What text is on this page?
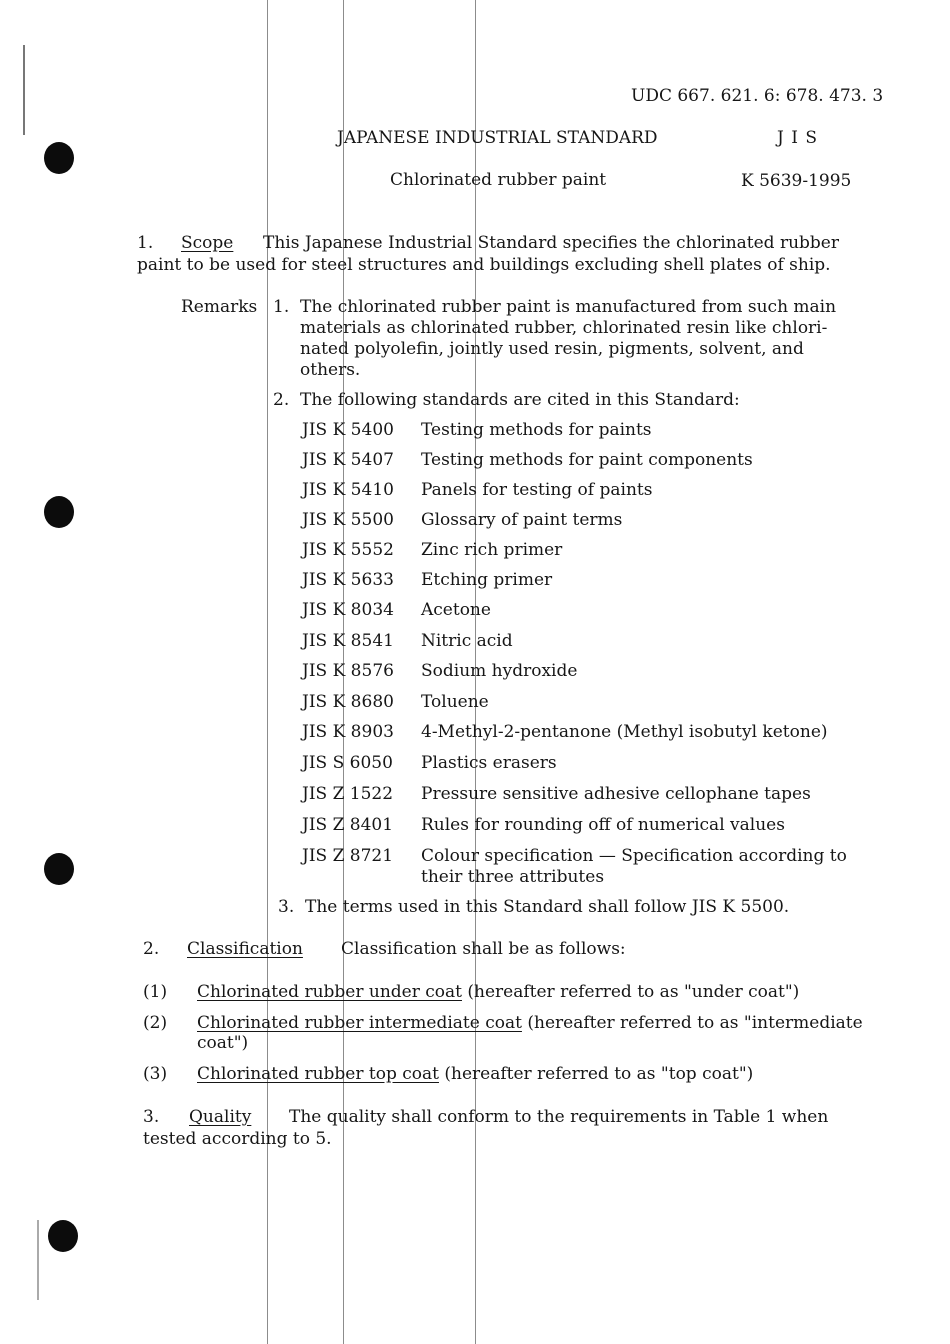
UDC 667. 621. 6: 678. 473. 3
JAPANESE INDUSTRIAL STANDARD	J I S
Chlorinated rubber paint	K 5639-1995
1. Scope This Japanese Industrial Standard specifies the chlorinated rubber
paint to be used for steel structures and buildings excluding shell plates of ship.
Remarks 1. The chlorinated rubber paint is manufactured from such main
materials as chlorinated rubber, chlorinated resin like chlori-
nated polyolefin, jointly used resin, pigments, solvent, and
others.
2. The following standards are cited in this Standard:
JIS K 5400 Testing methods for paints
JIS K 5407 Testing methods for paint components
JIS K 5410 Panels for testing of paints
JIS K 5500 Glossary of paint terms
JIS K 5552 Zinc rich primer
JIS K 5633 Etching primer
JIS K 8034 Acetone
JIS K 8541 Nitric acid
JIS K 8576 Sodium hydroxide
JIS K 8680 Toluene
JIS K 8903 4-Methyl-2-pentanone (Methyl isobutyl ketone)
JIS S 6050 Plastics erasers
JIS Z 1522 Pressure sensitive adhesive cellophane tapes
JIS Z 8401 Rules for rounding off of numerical values
JIS Z 8721 Colour specification — Specification according to
their three attributes
3. The terms used in this Standard shall follow JIS K 5500.
2. Classification Classification shall be as follows:
(1) Chlorinated rubber under coat (hereafter referred to as "under coat")
(2) Chlorinated rubber intermediate coat (hereafter referred to as "intermediate
coat")
(3) Chlorinated rubber top coat (hereafter referred to as "top coat")
3. Quality The quality shall conform to the requirements in Table 1 when
tested according to 5.
